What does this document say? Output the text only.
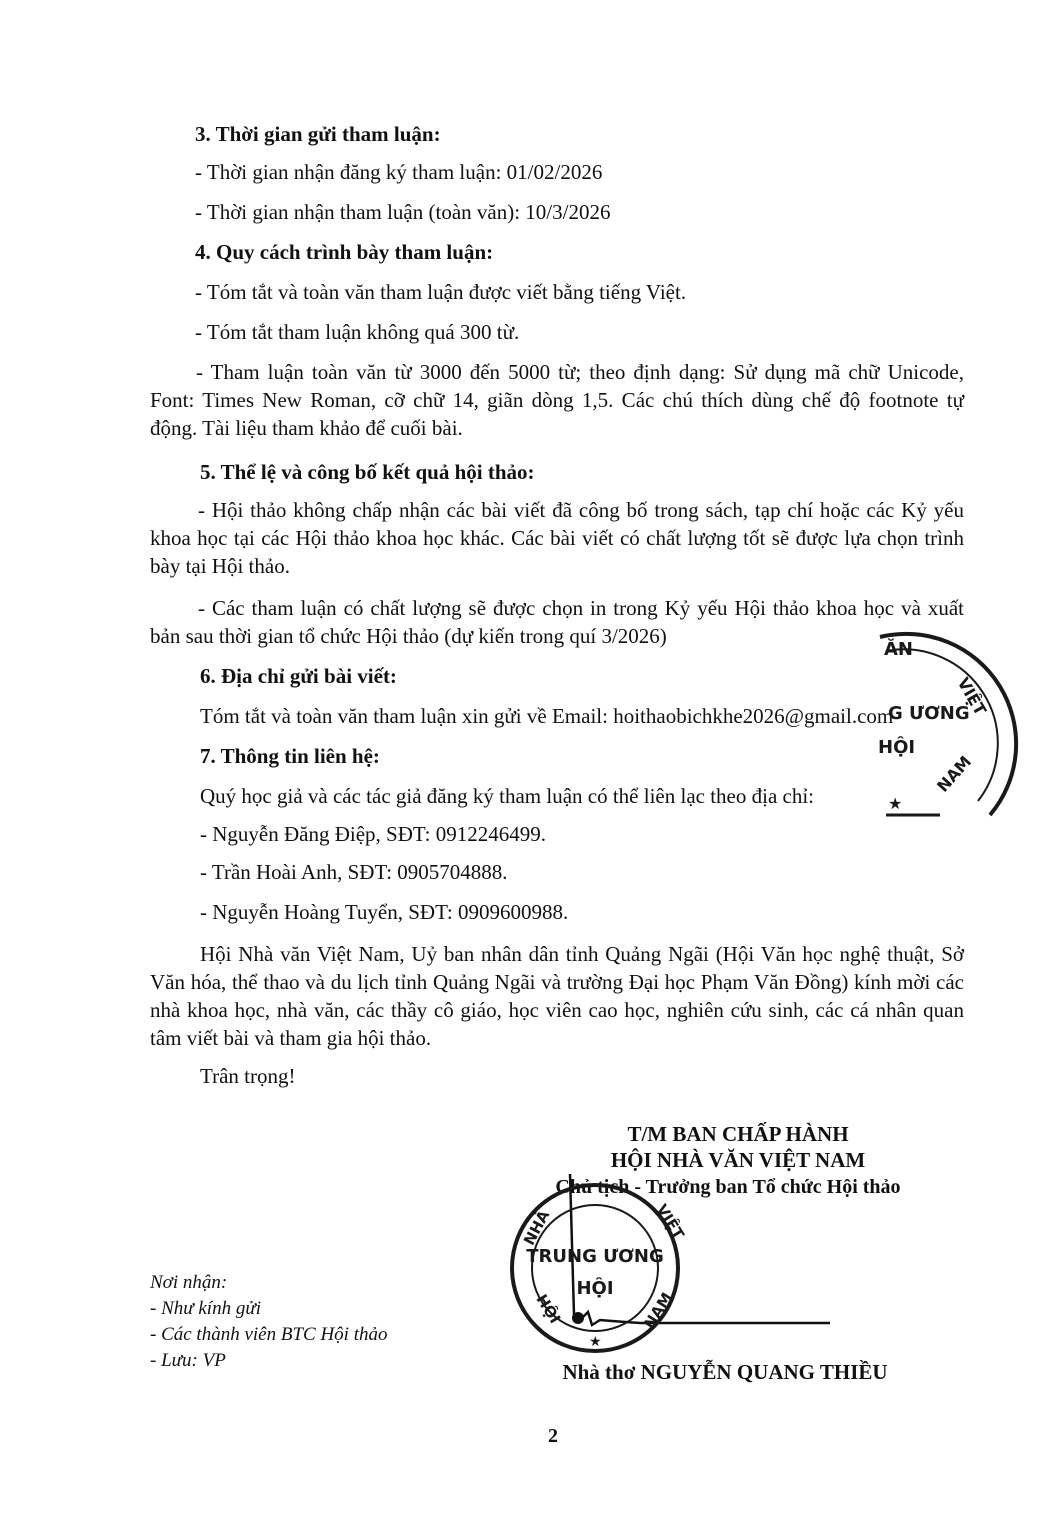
3. Thời gian gửi tham luận:
- Thời gian nhận đăng ký tham luận: 01/02/2026
- Thời gian nhận tham luận (toàn văn): 10/3/2026
4. Quy cách trình bày tham luận:
- Tóm tắt và toàn văn tham luận được viết bằng tiếng Việt.
- Tóm tắt tham luận không quá 300 từ.
- Tham luận toàn văn từ 3000 đến 5000 từ; theo định dạng: Sử dụng mã chữ Unicode, Font: Times New Roman, cỡ chữ 14, giãn dòng 1,5. Các chú thích dùng chế độ footnote tự động. Tài liệu tham khảo để cuối bài.
5. Thể lệ và công bố kết quả hội thảo:
- Hội thảo không chấp nhận các bài viết đã công bố trong sách, tạp chí hoặc các Kỷ yếu khoa học tại các Hội thảo khoa học khác. Các bài viết có chất lượng tốt sẽ được lựa chọn trình bày tại Hội thảo.
- Các tham luận có chất lượng sẽ được chọn in trong Kỷ yếu Hội thảo khoa học và xuất bản sau thời gian tổ chức Hội thảo (dự kiến trong quí 3/2026)
6. Địa chỉ gửi bài viết:
Tóm tắt và toàn văn tham luận xin gửi về Email: hoithaobichkhe2026@gmail.com
7. Thông tin liên hệ:
Quý học giả và các tác giả đăng ký tham luận có thể liên lạc theo địa chỉ:
- Nguyễn Đăng Điệp, SĐT: 0912246499.
- Trần Hoài Anh, SĐT: 0905704888.
- Nguyễn Hoàng Tuyển, SĐT: 0909600988.
Hội Nhà văn Việt Nam, Uỷ ban nhân dân tỉnh Quảng Ngãi (Hội Văn học nghệ thuật, Sở Văn hóa, thể thao và du lịch tỉnh Quảng Ngãi và trường Đại học Phạm Văn Đồng) kính mời các nhà khoa học, nhà văn, các thầy cô giáo, học viên cao học, nghiên cứu sinh, các cá nhân quan tâm viết bài và tham gia hội thảo.
Trân trọng!
T/M BAN CHẤP HÀNH
HỘI NHÀ VĂN VIỆT NAM
Chủ tịch - Trưởng ban Tổ chức Hội thảo
Nhà thơ NGUYỄN QUANG THIỀU
Nơi nhận:
- Như kính gửi
- Các thành viên BTC Hội thảo
- Lưu: VP
ĂN
VIỆT
NAM
G ƯƠNG
HỘI
★
NHÀ	VIỆT
HỘI	NAM
TRUNG ƯƠNG
HỘI
★
2
